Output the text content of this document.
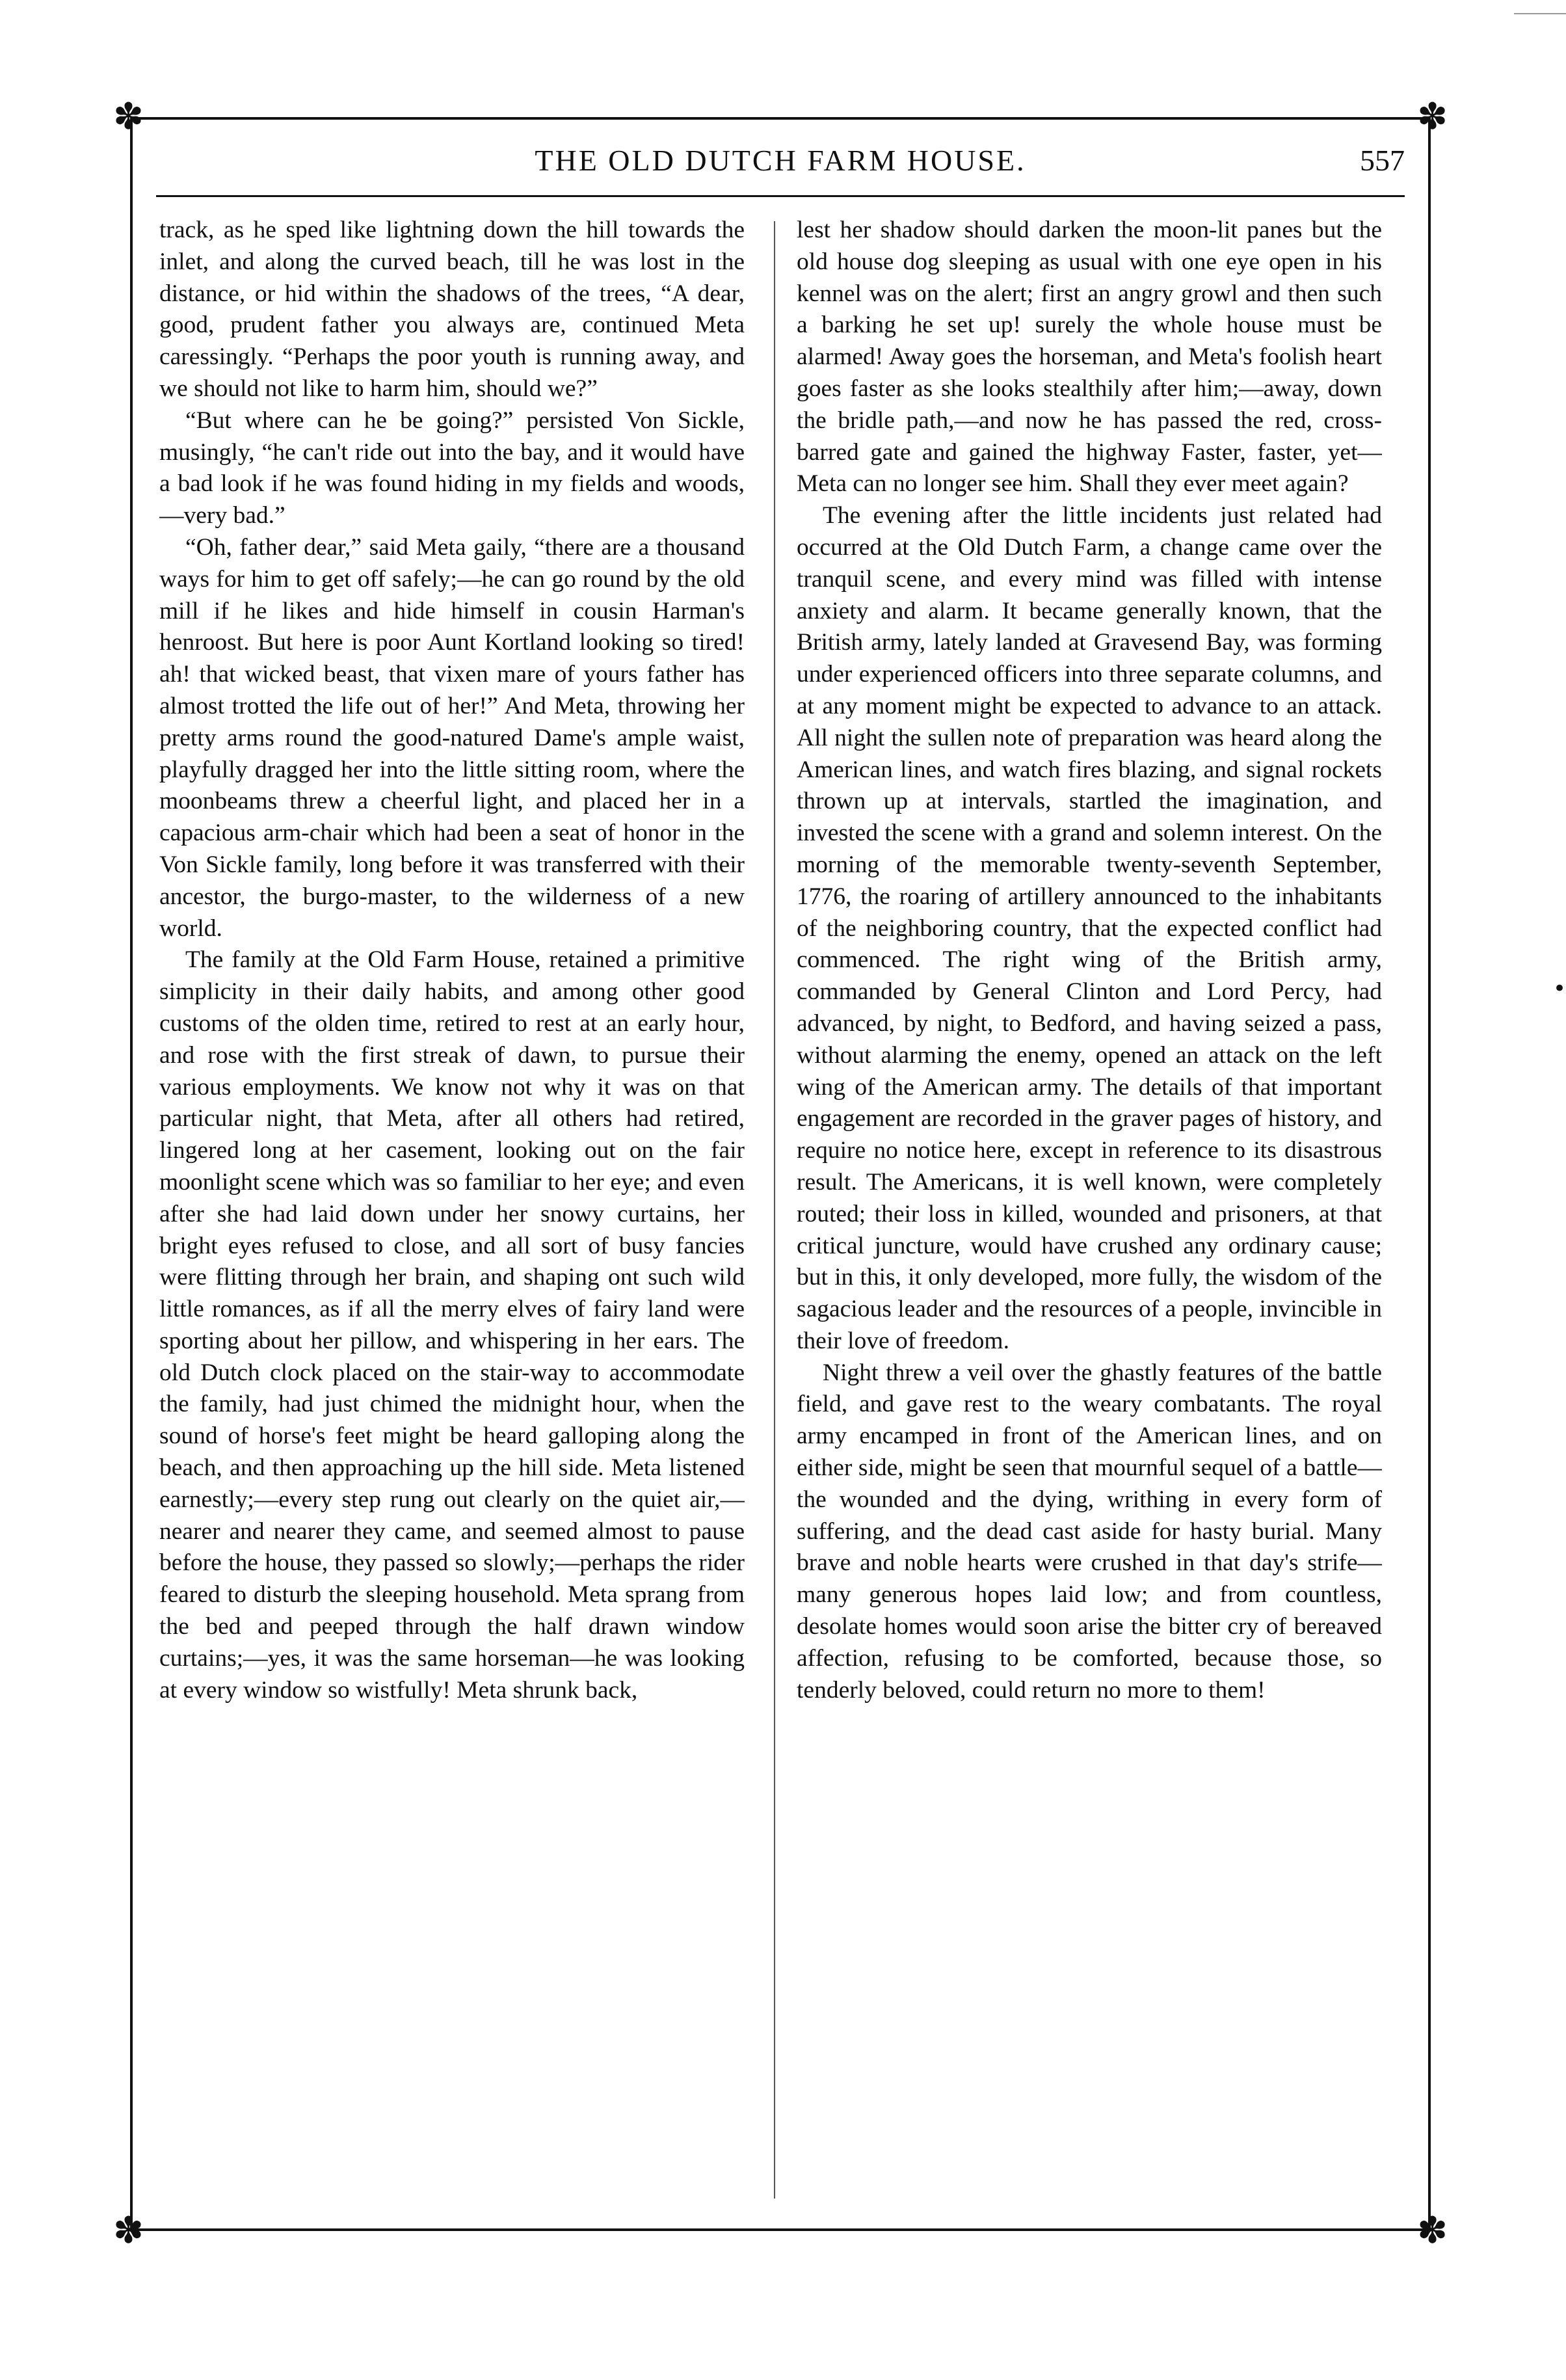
✽	✽
✽	✽
THE OLD DUTCH FARM HOUSE.	557

track, as he sped like lightning down the hill towards the inlet, and along the curved beach, till he was lost in the distance, or hid within the shadows of the trees, “A dear, good, prudent father you always are, continued Meta caressingly. “Perhaps the poor youth is running away, and we should not like to harm him, should we?”

“But where can he be going?” persisted Von Sickle, musingly, “he can't ride out into the bay, and it would have a bad look if he was found hiding in my fields and woods,—very bad.”

“Oh, father dear,” said Meta gaily, “there are a thousand ways for him to get off safely;—he can go round by the old mill if he likes and hide himself in cousin Harman's henroost. But here is poor Aunt Kortland looking so tired! ah! that wicked beast, that vixen mare of yours father has almost trotted the life out of her!” And Meta, throwing her pretty arms round the good-natured Dame's ample waist, playfully dragged her into the little sitting room, where the moonbeams threw a cheerful light, and placed her in a capacious arm-chair which had been a seat of honor in the Von Sickle family, long before it was transferred with their ancestor, the burgo-master, to the wilderness of a new world.

The family at the Old Farm House, retained a primitive simplicity in their daily habits, and among other good customs of the olden time, retired to rest at an early hour, and rose with the first streak of dawn, to pursue their various employments. We know not why it was on that particular night, that Meta, after all others had retired, lingered long at her casement, looking out on the fair moonlight scene which was so familiar to her eye; and even after she had laid down under her snowy curtains, her bright eyes refused to close, and all sort of busy fancies were flitting through her brain, and shaping ont such wild little romances, as if all the merry elves of fairy land were sporting about her pillow, and whispering in her ears. The old Dutch clock placed on the stair-way to accommodate the family, had just chimed the midnight hour, when the sound of horse's feet might be heard galloping along the beach, and then approaching up the hill side. Meta listened earnestly;—every step rung out clearly on the quiet air,—nearer and nearer they came, and seemed almost to pause before the house, they passed so slowly;—perhaps the rider feared to disturb the sleeping household. Meta sprang from the bed and peeped through the half drawn window curtains;—yes, it was the same horseman—he was looking at every window so wistfully! Meta shrunk back,

lest her shadow should darken the moon-lit panes but the old house dog sleeping as usual with one eye open in his kennel was on the alert; first an angry growl and then such a barking he set up! surely the whole house must be alarmed! Away goes the horseman, and Meta's foolish heart goes faster as she looks stealthily after him;—away, down the bridle path,—and now he has passed the red, cross-barred gate and gained the highway Faster, faster, yet—Meta can no longer see him. Shall they ever meet again?

The evening after the little incidents just related had occurred at the Old Dutch Farm, a change came over the tranquil scene, and every mind was filled with intense anxiety and alarm. It became generally known, that the British army, lately landed at Gravesend Bay, was forming under experienced officers into three separate columns, and at any moment might be expected to advance to an attack. All night the sullen note of preparation was heard along the American lines, and watch fires blazing, and signal rockets thrown up at intervals, startled the imagination, and invested the scene with a grand and solemn interest. On the morning of the memorable twenty-seventh September, 1776, the roaring of artillery announced to the inhabitants of the neighboring country, that the expected conflict had commenced. The right wing of the British army, commanded by General Clinton and Lord Percy, had advanced, by night, to Bedford, and having seized a pass, without alarming the enemy, opened an attack on the left wing of the American army. The details of that important engagement are recorded in the graver pages of history, and require no notice here, except in reference to its disastrous result. The Americans, it is well known, were completely routed; their loss in killed, wounded and prisoners, at that critical juncture, would have crushed any ordinary cause; but in this, it only developed, more fully, the wisdom of the sagacious leader and the resources of a people, invincible in their love of freedom.

Night threw a veil over the ghastly features of the battle field, and gave rest to the weary combatants. The royal army encamped in front of the American lines, and on either side, might be seen that mournful sequel of a battle—the wounded and the dying, writhing in every form of suffering, and the dead cast aside for hasty burial. Many brave and noble hearts were crushed in that day's strife—many generous hopes laid low; and from countless, desolate homes would soon arise the bitter cry of bereaved affection, refusing to be comforted, because those, so tenderly beloved, could return no more to them!

•
